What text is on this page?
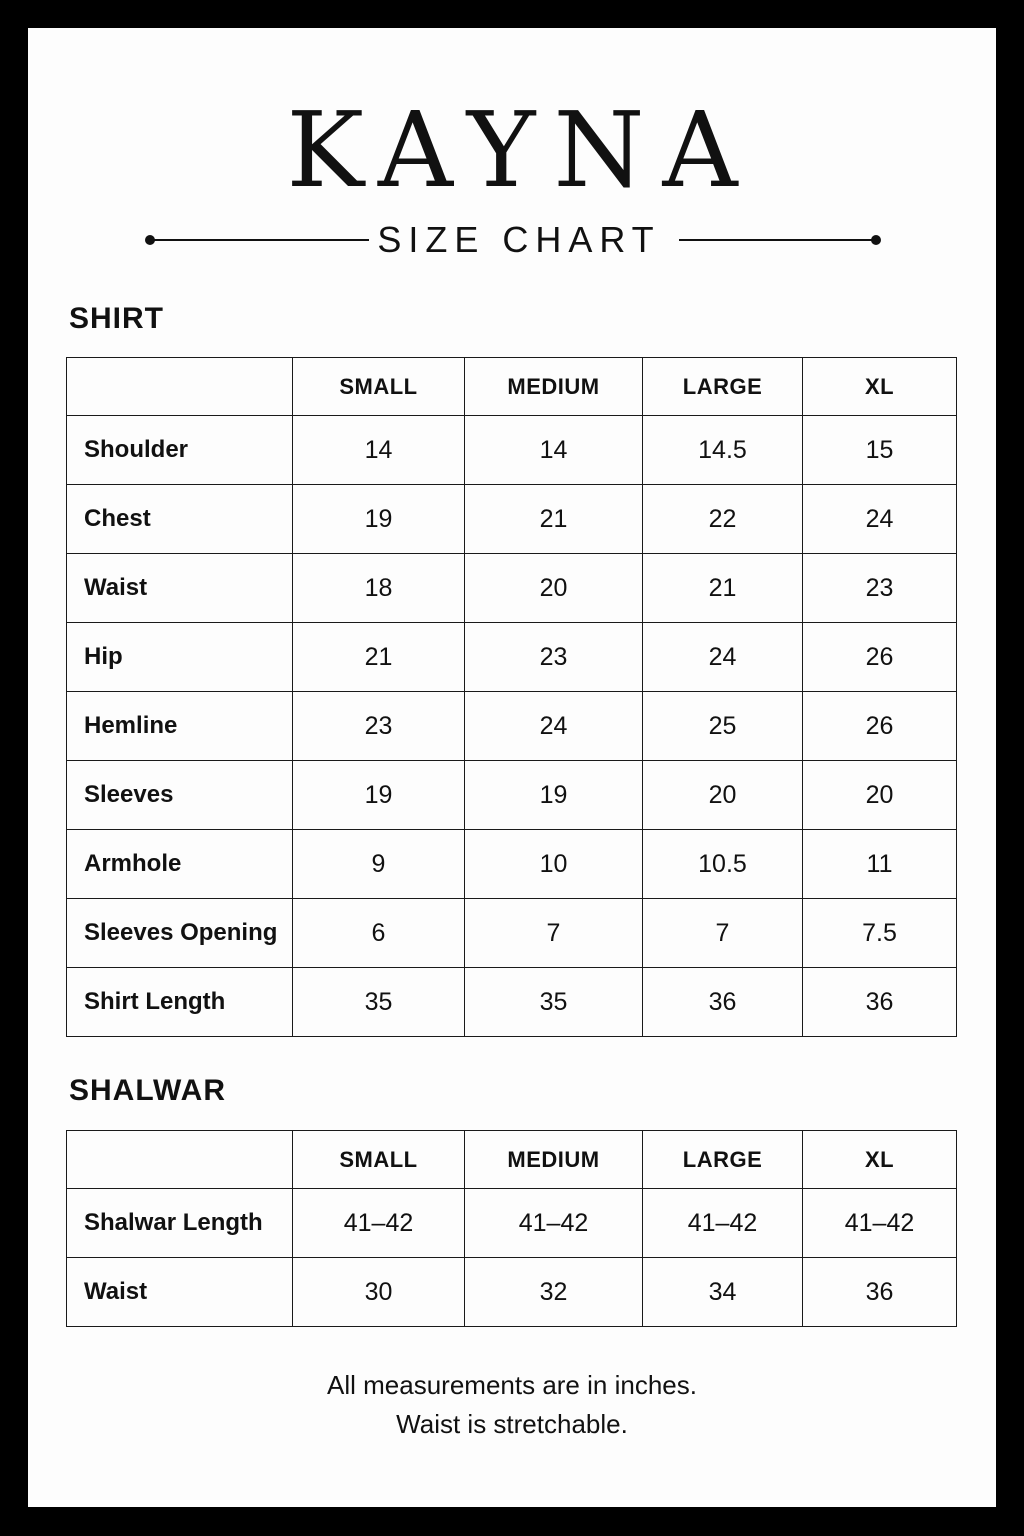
KAYNA
SIZE CHART
SHIRT
	SMALL	MEDIUM	LARGE	XL
Shoulder	14	14	14.5	15
Chest	19	21	22	24
Waist	18	20	21	23
Hip	21	23	24	26
Hemline	23	24	25	26
Sleeves	19	19	20	20
Armhole	9	10	10.5	11
Sleeves Opening	6	7	7	7.5
Shirt Length	35	35	36	36
SHALWAR
	SMALL	MEDIUM	LARGE	XL
Shalwar Length	41–42	41–42	41–42	41–42
Waist	30	32	34	36
All measurements are in inches.
Waist is stretchable.
